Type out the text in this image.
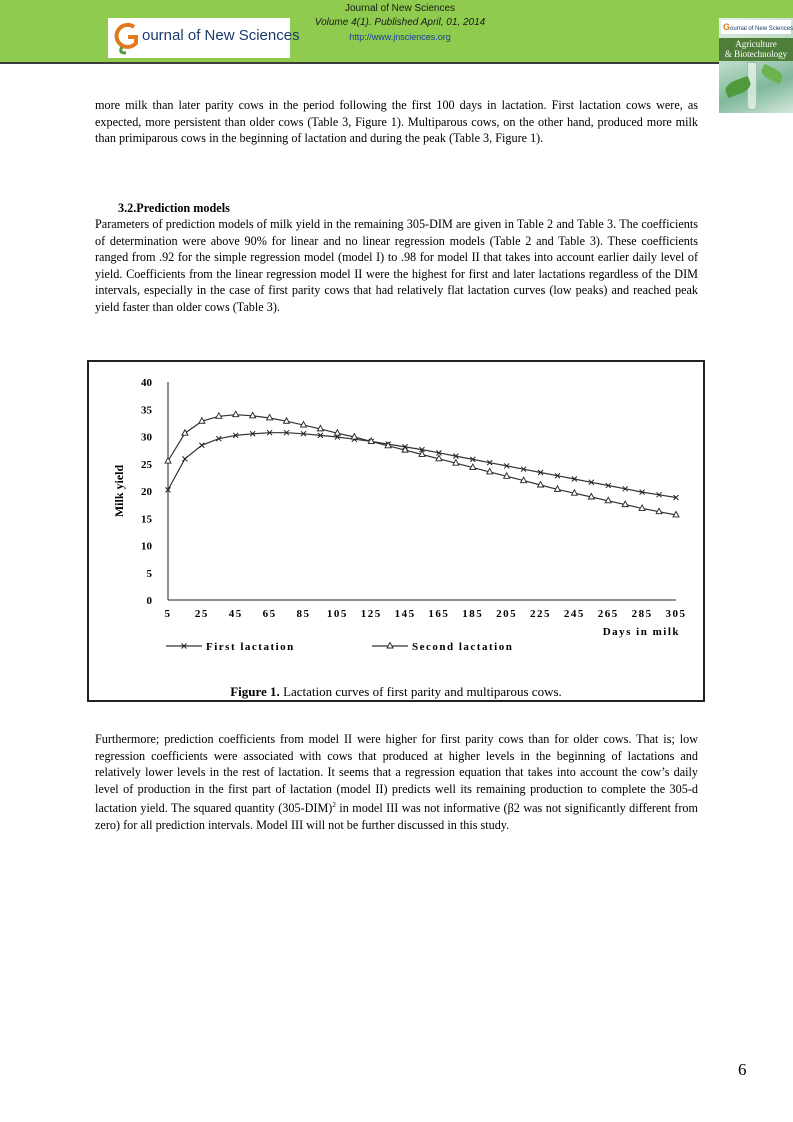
ournal of New Sciences
Journal of New Sciences
Volume 4(1). Published April, 01, 2014
http://www.jnsciences.org
Gournal of New Sciences
Agriculture
& Biotechnology

more milk than later parity cows in the period following the first 100 days in lactation. First lactation cows were, as expected, more persistent than older cows (Table 3, Figure 1). Multiparous cows, on the other hand, produced more milk than primiparous cows in the beginning of lactation and during the peak (Table 3, Figure 1).

3.2.Prediction models

Parameters of prediction models of milk yield in the remaining 305-DIM are given in Table 2 and Table 3. The coefficients of determination were above 90% for linear and no linear regression models (Table 2 and Table 3). These coefficients ranged from .92 for the simple regression model (model I) to .98 for model II that takes into account earlier daily level of yield. Coefficients from the linear regression model II were the highest for first and later lactations regardless of the DIM intervals, especially in the case of first parity cows that had relatively flat lactation curves (low peaks) and reached peak yield faster than older cows (Table 3).

0
5
10
15
20
25
30
35
40
5 25 45 65 85 105 125 145 165 185 205 225 245 265 285 305
Days in milk
Milk yield
First lactation	Second lactation
Figure 1. Lactation curves of first parity and multiparous cows.

Furthermore; prediction coefficients from model II were higher for first parity cows than for older cows. That is; low regression coefficients were associated with cows that produced at higher levels in the beginning of lactations and relatively lower levels in the rest of lactation. It seems that a regression equation that takes into account the cow’s daily level of production in the first part of lactation (model II) predicts well its remaining production to complete the 305-d lactation yield. The squared quantity $(305-DIM)^2$ in model III was not informative (β2 was not significantly different from zero) for all prediction intervals. Model III will not be further discussed in this study.

6
